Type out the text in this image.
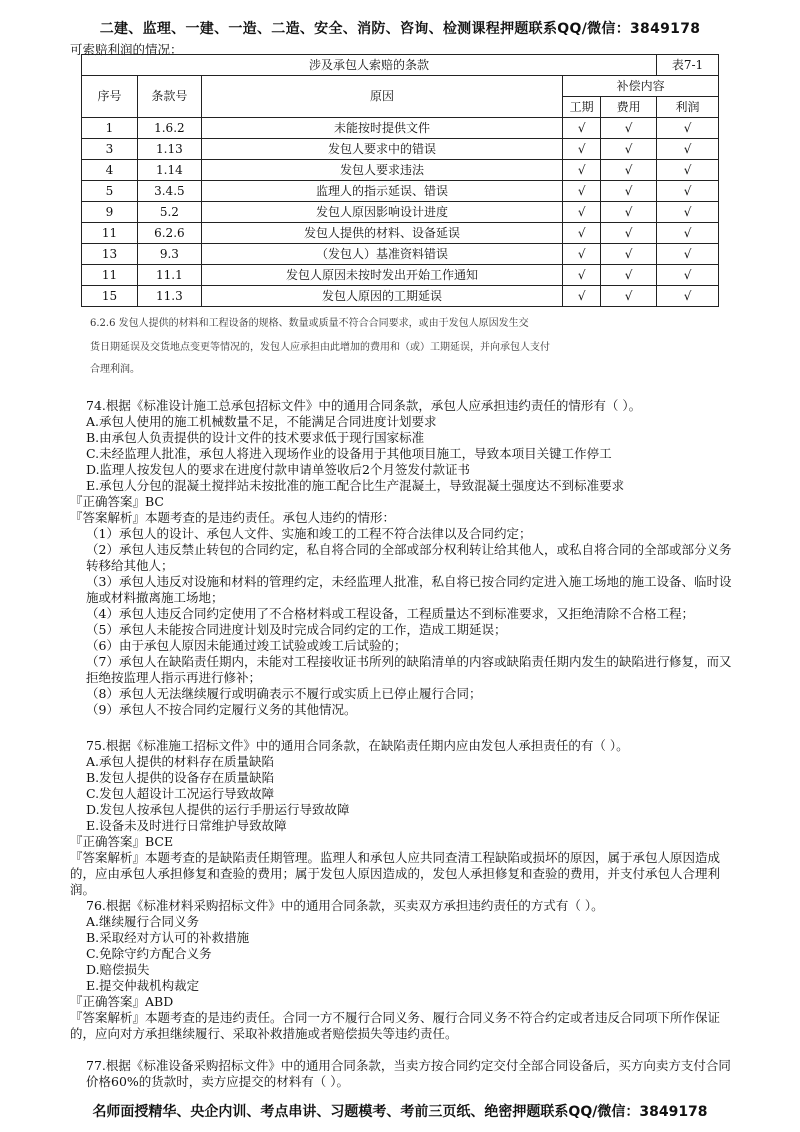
二建、监理、一建、一造、二造、安全、消防、咨询、检测课程押题联系QQ/微信：3849178
可索赔利润的情况：
涉及承包人索赔的条款					表7-1
序号	条款号	原因	补偿内容		
			工期	费用	利润
1	1.6.2	未能按时提供文件	√	√	√
3	1.13	发包人要求中的错误	√	√	√
4	1.14	发包人要求违法	√	√	√
5	3.4.5	监理人的指示延误、错误	√	√	√
9	5.2	发包人原因影响设计进度	√	√	√
11	6.2.6	发包人提供的材料、设备延误	√	√	√
13	9.3	（发包人）基准资料错误	√	√	√
11	11.1	发包人原因未按时发出开始工作通知	√	√	√
15	11.3	发包人原因的工期延误	√	√	√
6.2.6 发包人提供的材料和工程设备的规格、数量或质量不符合合同要求，或由于发包人原因发生交
货日期延误及交货地点变更等情况的，发包人应承担由此增加的费用和（或）工期延误，并向承包人支付
合理利润。
74.根据《标准设计施工总承包招标文件》中的通用合同条款，承包人应承担违约责任的情形有（ ）。
A.承包人使用的施工机械数量不足，不能满足合同进度计划要求
B.由承包人负责提供的设计文件的技术要求低于现行国家标准
C.未经监理人批准，承包人将进入现场作业的设备用于其他项目施工，导致本项目关键工作停工
D.监理人按发包人的要求在进度付款申请单签收后2个月签发付款证书
E.承包人分包的混凝土搅拌站未按批准的施工配合比生产混凝土，导致混凝土强度达不到标准要求
『正确答案』BC
『答案解析』本题考查的是违约责任。承包人违约的情形：
（1）承包人的设计、承包人文件、实施和竣工的工程不符合法律以及合同约定；
（2）承包人违反禁止转包的合同约定，私自将合同的全部或部分权利转让给其他人，或私自将合同的全部或部分义务转移给其他人；
（3）承包人违反对设施和材料的管理约定，未经监理人批准，私自将已按合同约定进入施工场地的施工设备、临时设施或材料撤离施工场地；
（4）承包人违反合同约定使用了不合格材料或工程设备，工程质量达不到标准要求，又拒绝清除不合格工程；
（5）承包人未能按合同进度计划及时完成合同约定的工作，造成工期延误；
（6）由于承包人原因未能通过竣工试验或竣工后试验的；
（7）承包人在缺陷责任期内，未能对工程接收证书所列的缺陷清单的内容或缺陷责任期内发生的缺陷进行修复，而又拒绝按监理人指示再进行修补；
（8）承包人无法继续履行或明确表示不履行或实质上已停止履行合同；
（9）承包人不按合同约定履行义务的其他情况。
75.根据《标准施工招标文件》中的通用合同条款，在缺陷责任期内应由发包人承担责任的有（ ）。
A.承包人提供的材料存在质量缺陷
B.发包人提供的设备存在质量缺陷
C.发包人超设计工况运行导致故障
D.发包人按承包人提供的运行手册运行导致故障
E.设备未及时进行日常维护导致故障
『正确答案』BCE
『答案解析』本题考查的是缺陷责任期管理。监理人和承包人应共同查清工程缺陷或损坏的原因，属于承包人原因造成的，应由承包人承担修复和查验的费用；属于发包人原因造成的，发包人承担修复和查验的费用，并支付承包人合理利润。
76.根据《标准材料采购招标文件》中的通用合同条款，买卖双方承担违约责任的方式有（ ）。
A.继续履行合同义务
B.采取经对方认可的补救措施
C.免除守约方配合义务
D.赔偿损失
E.提交仲裁机构裁定
『正确答案』ABD
『答案解析』本题考查的是违约责任。合同一方不履行合同义务、履行合同义务不符合约定或者违反合同项下所作保证的，应向对方承担继续履行、采取补救措施或者赔偿损失等违约责任。
77.根据《标准设备采购招标文件》中的通用合同条款，当卖方按合同约定交付全部合同设备后，买方向卖方支付合同价格60%的货款时，卖方应提交的材料有（ ）。
名师面授精华、央企内训、考点串讲、习题模考、考前三页纸、绝密押题联系QQ/微信：3849178
